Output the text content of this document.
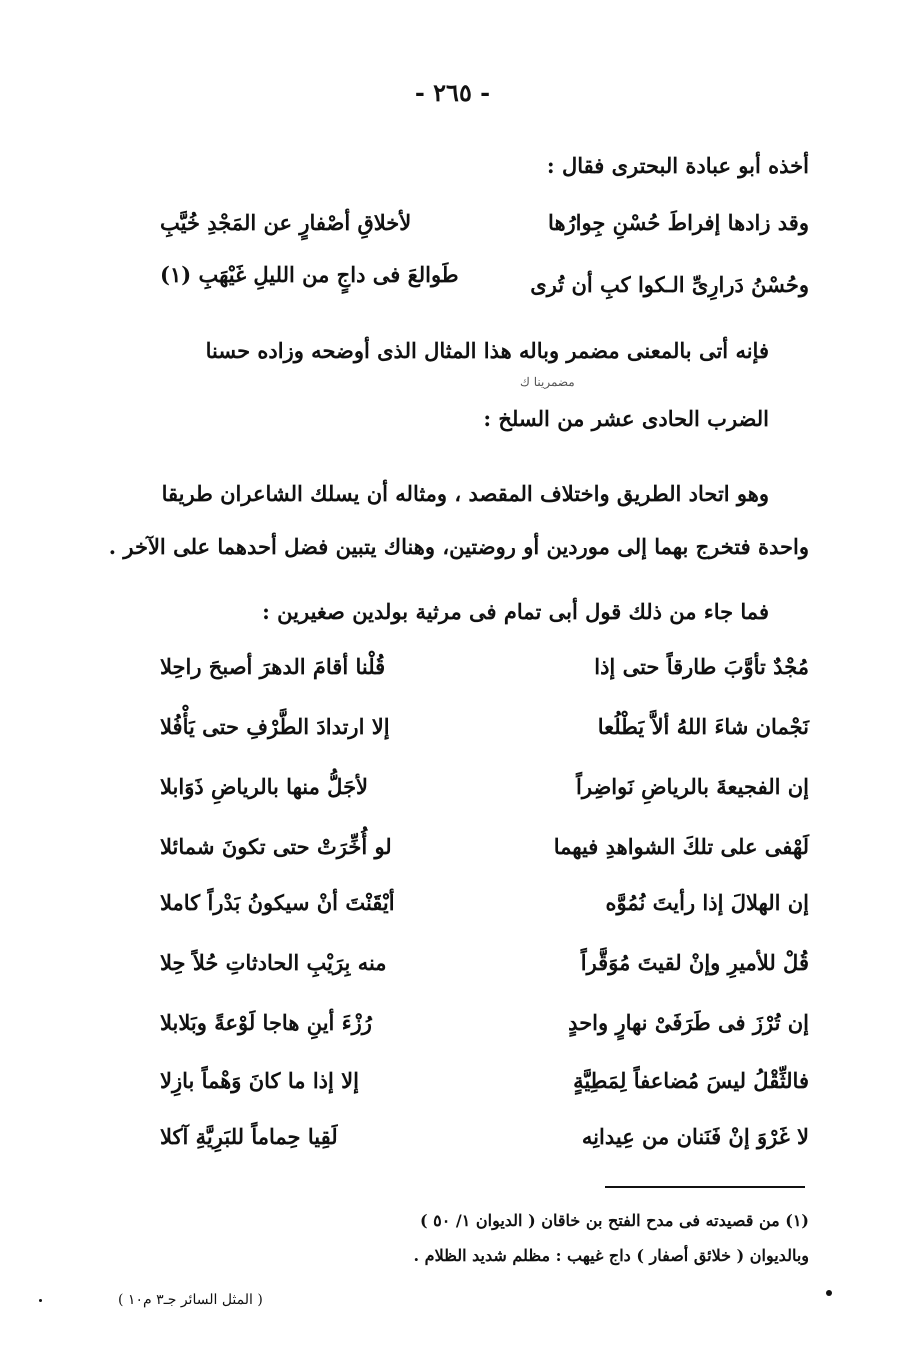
- ٢٦٥ -
أخذه أبو عبادة البحترى فقال :
وقد زادها إفراطَ حُسْنِ جِوارُها
لأخلاقِ أصْفارٍ عن المَجْدِ خُيَّبِ
وحُسْنُ دَرارِىِّ الـكوا كبِ أن تُرى
طَوالعَ فى داجٍ من الليلِ غَيْهَبِ (١)
فإنه أتى بالمعنى مضمر وباله هذا المثال الذى أوضحه وزاده حسنا
مضمرينا ك
الضرب الحادى عشر من السلخ :
وهو اتحاد الطريق واختلاف المقصد ، ومثاله أن يسلك الشاعران طريقا
واحدة فتخرج بهما إلى موردين أو روضتين، وهناك يتبين فضل أحدهما على الآخر .
فما جاء من ذلك قول أبى تمام فى مرثية بولدين صغيرين :
مُجْدٌ تأوَّبَ طارقاً حتى إذا
قُلْنا أقامَ الدهرَ أصبحَ راحِلا
نَجْمان شاءَ اللهُ ألاَّ يَطْلُعا
إلا ارتدادَ الطَّرْفِ حتى يَأْفُلا
إن الفجيعةَ بالرياضِ نَواضِراً
لأجَلُّ منها بالرياضِ ذَوَابلا
لَهْفى على تلكَ الشواهدِ فيهما
لو أُخِّرَتْ حتى تكونَ شمائلا
إن الهلالَ إذا رأيتَ نُمُوَّه
أيْقَنْتَ أنْ سيكونُ بَدْراً كاملا
قُلْ للأميرِ وإنْ لقيتَ مُوَقَّراً
منه بِرَيْبِ الحادثاتِ حُلاً حِلا
إن تُرْزَ فى طَرَفَىْ نهارٍ واحدٍ
رُزْءَ أينِ هاجا لَوْعةً وبَلابلا
فالثِّقْلُ ليسَ مُضاعفاً لِمَطِيَّةٍ
إلا إذا ما كانَ وَهْماً بازِلا
لا غَرْوَ إنْ فَنَنان من عِيدانِه
لَقِيا حِماماً للبَرِيَّةِ آكلا
(١) من قصيدته فى مدح الفتح بن خاقان ( الديوان ١/ ٥٠ )
وبالديوان ( خلائق أصفار ) داج غيهب : مظلم شديد الظلام .
( المثل السائر جـ٣ م١٠ )
